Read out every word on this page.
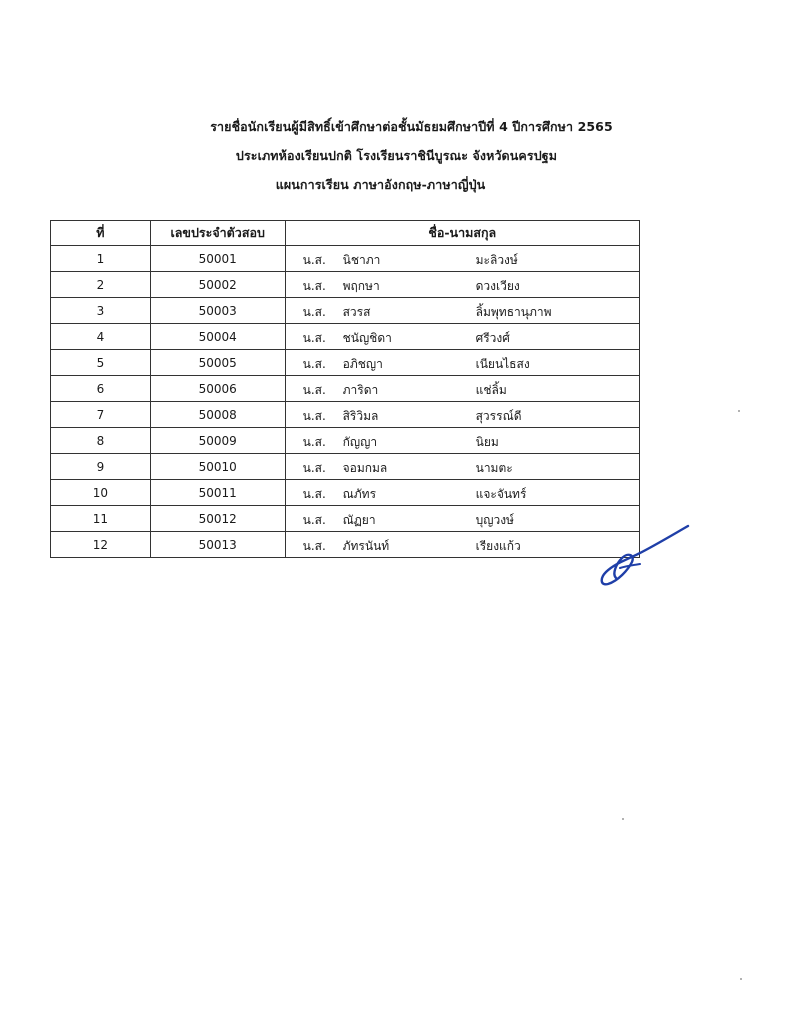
รายชื่อนักเรียนผู้มีสิทธิ์เข้าศึกษาต่อชั้นมัธยมศึกษาปีที่ 4 ปีการศึกษา 2565
ประเภทห้องเรียนปกติ โรงเรียนราชินีบูรณะ จังหวัดนครปฐม
แผนการเรียน ภาษาอังกฤษ-ภาษาญี่ปุ่น
ที่	เลขประจำตัวสอบ	ชื่อ-นามสกุล
1	50001	น.ส. นิชาภา มะลิวงษ์

2	50002	น.ส. พฤกษา ดวงเวียง

3	50003	น.ส. สวรส ลิ้มพุทธานุภาพ

4	50004	น.ส. ชนัญชิดา ศรีวงศ์

5	50005	น.ส. อภิชญา เนียนไธสง

6	50006	น.ส. ภาริดา แช่ลิ้ม

7	50008	น.ส. สิริวิมล สุวรรณ์ดี

8	50009	น.ส. กัญญา นิยม

9	50010	น.ส. จอมกมล นามตะ

10	50011	น.ส. ณภัทร แจะจันทร์

11	50012	น.ส. ณัฏยา บุญวงษ์

12	50013	น.ส. ภัทรนันท์ เรียงแก้ว
